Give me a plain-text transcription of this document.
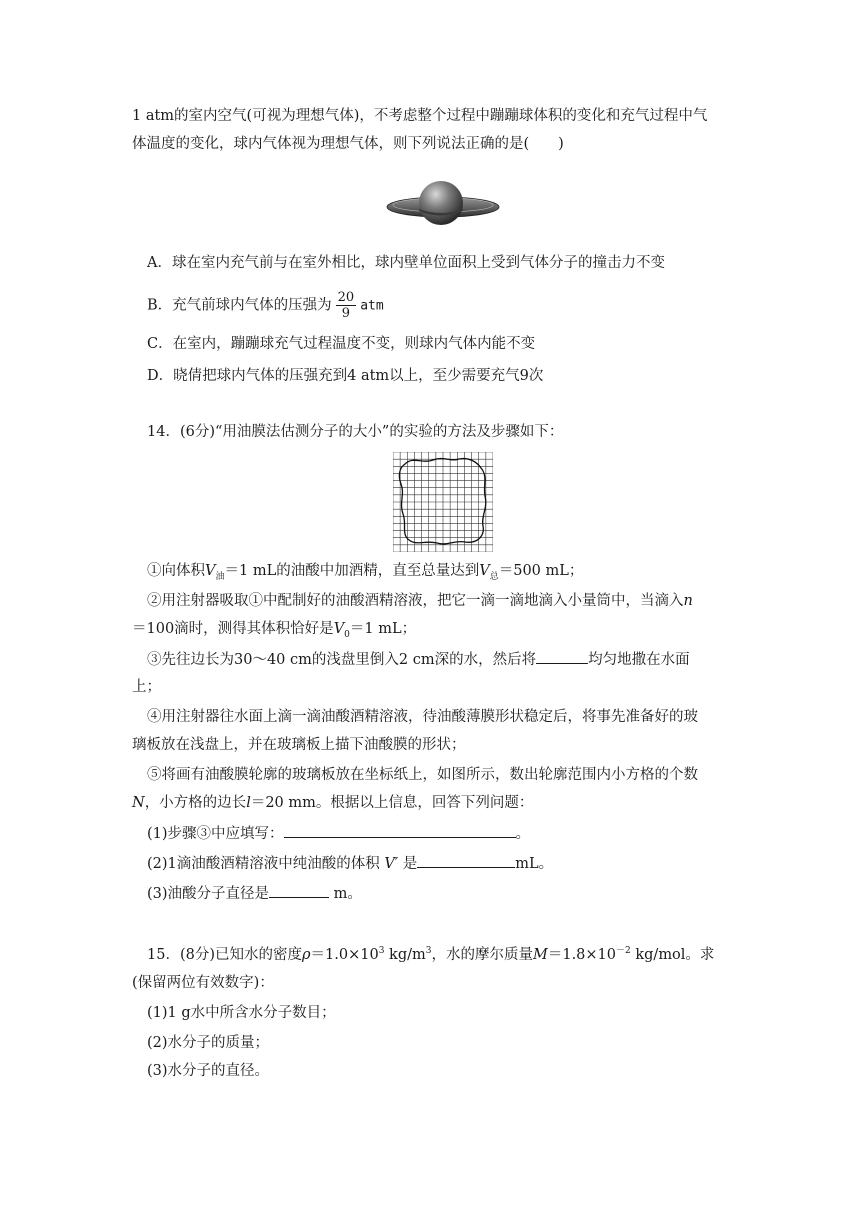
1 atm的室内空气(可视为理想气体)，不考虑整个过程中蹦蹦球体积的变化和充气过程中气
体温度的变化，球内气体视为理想气体，则下列说法正确的是(　　)
A．球在室内充气前与在室外相比，球内壁单位面积上受到气体分子的撞击力不变
B．充气前球内气体的压强为 $\frac{20}{9}$ atm
C．在室内，蹦蹦球充气过程温度不变，则球内气体内能不变
D．晓倩把球内气体的压强充到4 atm以上，至少需要充气9次
14．(6分)“用油膜法估测分子的大小”的实验的方法及步骤如下：
①向体积$V_油=1$ mL的油酸中加酒精，直至总量达到$V_总=500$ mL；
②用注射器吸取①中配制好的油酸酒精溶液，把它一滴一滴地滴入小量筒中，当滴入n
＝100滴时，测得其体积恰好是$V_0=1$ mL；
③先往边长为30～40 cm的浅盘里倒入2 cm深的水，然后将	均匀地撒在水面
上；
④用注射器往水面上滴一滴油酸酒精溶液，待油酸薄膜形状稳定后，将事先准备好的玻
璃板放在浅盘上，并在玻璃板上描下油酸膜的形状；
⑤将画有油酸膜轮廓的玻璃板放在坐标纸上，如图所示，数出轮廓范围内小方格的个数
N，小方格的边长l＝20 mm。根据以上信息，回答下列问题：
(1)步骤③中应填写：	。
(2)1滴油酸酒精溶液中纯油酸的体积 V′ 是	mL。
(3)油酸分子直径是	m。
15．(8分)已知水的密度$\rho=1.0\times 10^3$ $kg/m^3$，水的摩尔质量$M=1.8\times 10^{-2}$ kg/mol。求
(保留两位有效数字)：
(1)1 g水中所含水分子数目；
(2)水分子的质量；
(3)水分子的直径。
